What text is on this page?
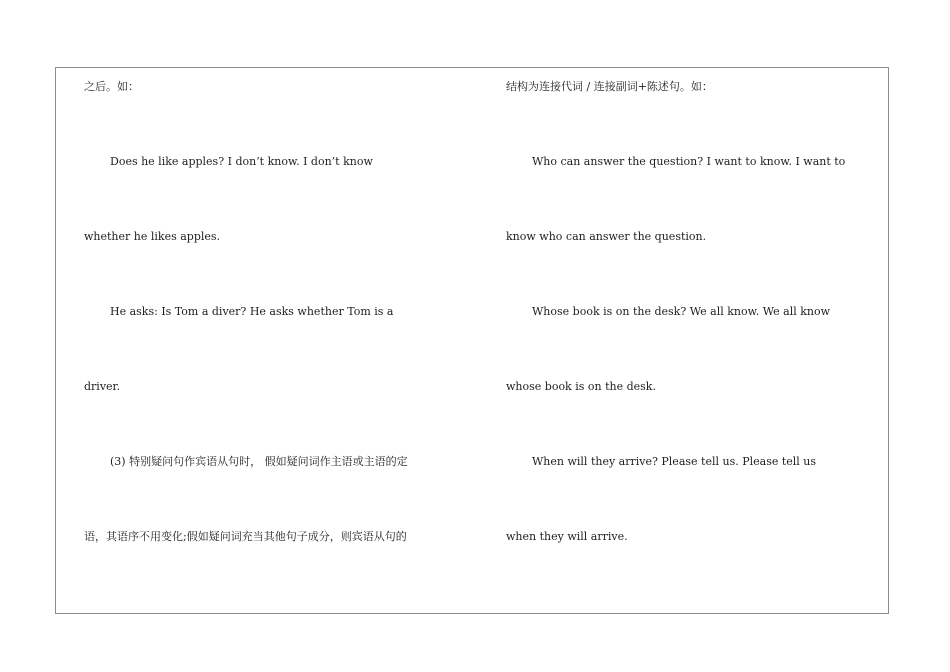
之后。如：
Does he like apples? I don’t know. I don’t know
whether he likes apples.
He asks: Is Tom a diver? He asks whether Tom is a
driver.
(3) 特别疑问句作宾语从句时， 假如疑问词作主语或主语的定
语，其语序不用变化;假如疑问词充当其他句子成分，则宾语从句的
结构为连接代词 / 连接副词+陈述句。如：
Who can answer the question? I want to know. I want to
know who can answer the question.
Whose book is on the desk? We all know. We all know
whose book is on the desk.
When will they arrive? Please tell us. Please tell us
when they will arrive.
